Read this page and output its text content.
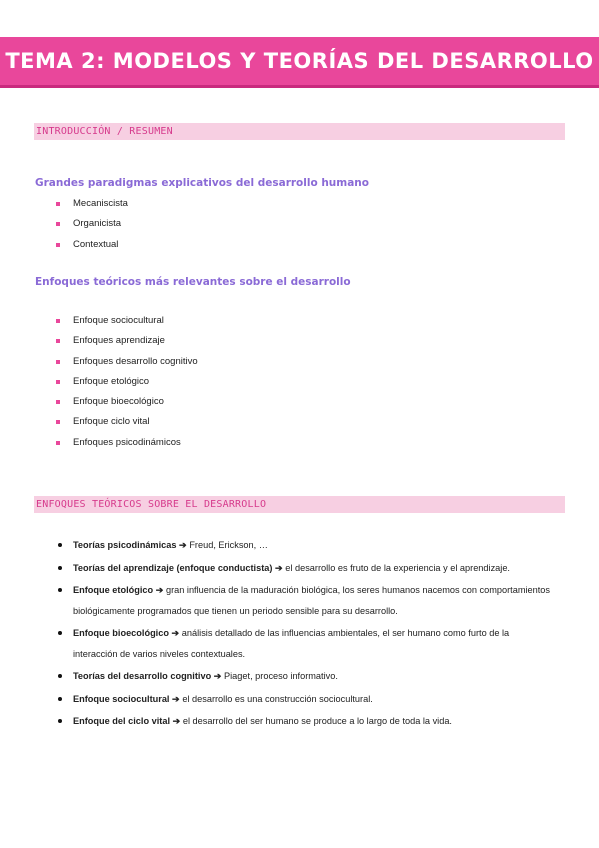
TEMA 2: MODELOS Y TEORÍAS DEL DESARROLLO
INTRODUCCIÓN / RESUMEN

Grandes paradigmas explicativos del desarrollo humano

Mecaniscista
Organicista
Contextual

Enfoques teóricos más relevantes sobre el desarrollo

Enfoque sociocultural
Enfoques aprendizaje
Enfoques desarrollo cognitivo
Enfoque etológico
Enfoque bioecológico
Enfoque ciclo vital
Enfoques psicodinámicos
ENFOQUES TEÓRICOS SOBRE EL DESARROLLO
Teorías psicodinámicas ➔ Freud, Erickson, …
Teorías del aprendizaje (enfoque conductista) ➔ el desarrollo es fruto de la experiencia y el aprendizaje.
Enfoque etológico ➔ gran influencia de la maduración biológica, los seres humanos nacemos con comportamientos biológicamente programados que tienen un periodo sensible para su desarrollo.
Enfoque bioecológico ➔ análisis detallado de las influencias ambientales, el ser humano como furto de la interacción de varios niveles contextuales.
Teorías del desarrollo cognitivo ➔ Piaget, proceso informativo.
Enfoque sociocultural ➔ el desarrollo es una construcción sociocultural.
Enfoque del ciclo vital ➔ el desarrollo del ser humano se produce a lo largo de toda la vida.
